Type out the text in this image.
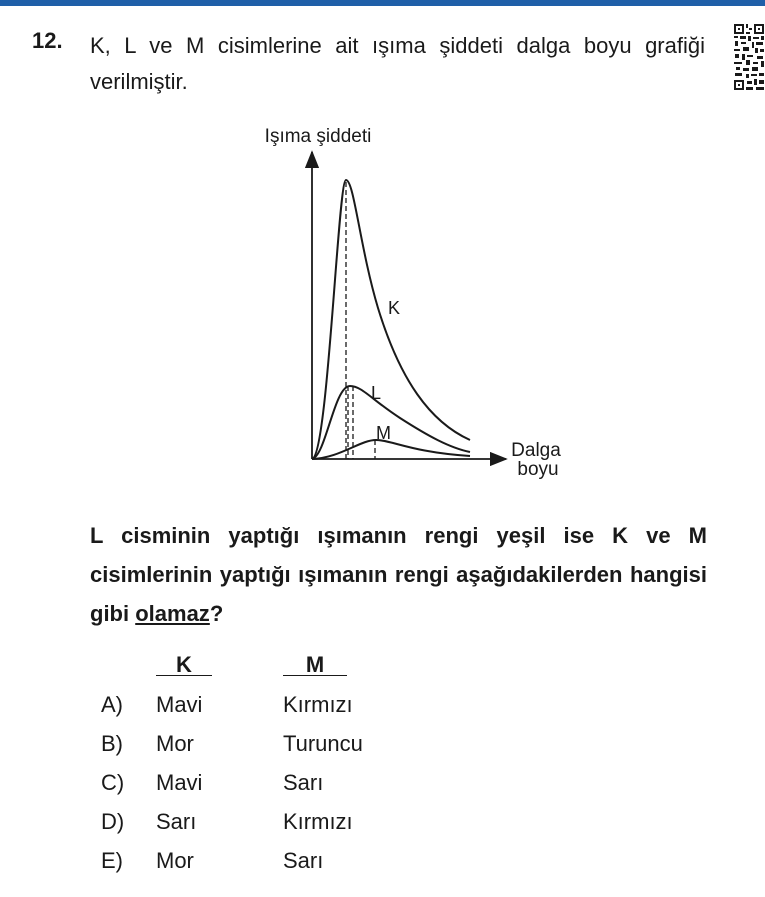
12. K, L ve M cisimlerine ait ışıma şiddeti dalga boyu grafiği verilmiştir.
Işıma şiddeti
Dalga
boyu
K
L
M
L cisminin yaptığı ışımanın rengi yeşil ise K ve M cisimlerinin yaptığı ışımanın rengi aşağıdakilerden hangisi gibi olamaz?
K	M
A) Mavi	Kırmızı
B) Mor	Turuncu
C) Mavi	Sarı
D) Sarı	Kırmızı
E) Mor	Sarı
